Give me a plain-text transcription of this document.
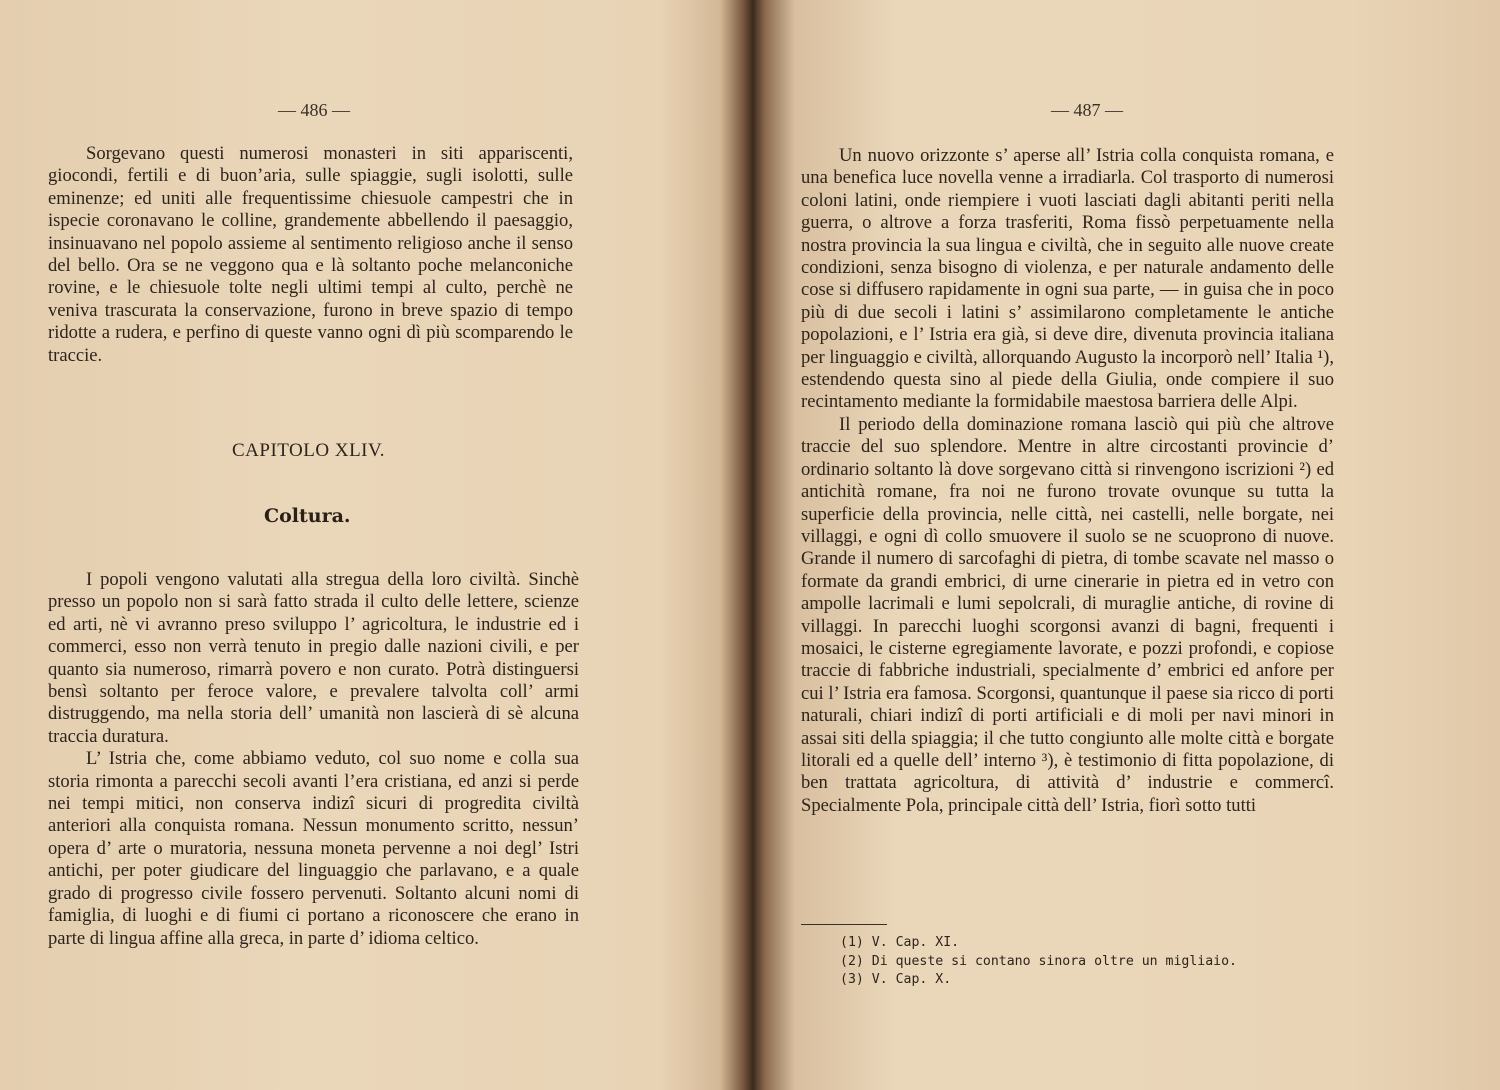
— 486 —

Sorgevano questi numerosi monasteri in siti appariscenti, giocondi, fertili e di buon’aria, sulle spiaggie, sugli isolotti, sulle eminenze; ed uniti alle frequentissime chiesuole campestri che in ispecie coronavano le colline, grandemente abbellendo il paesaggio, insinuavano nel popolo assieme al sentimento religioso anche il senso del bello. Ora se ne veggono qua e là soltanto poche melanconiche rovine, e le chiesuole tolte negli ultimi tempi al culto, perchè ne veniva trascurata la conservazione, furono in breve spazio di tempo ridotte a rudera, e perfino di queste vanno ogni dì più scomparendo le traccie.

CAPITOLO XLIV.
Coltura.

I popoli vengono valutati alla stregua della loro civiltà. Sinchè presso un popolo non si sarà fatto strada il culto delle lettere, scienze ed arti, nè vi avranno preso sviluppo l’ agricoltura, le industrie ed i commerci, esso non verrà tenuto in pregio dalle nazioni civili, e per quanto sia numeroso, rimarrà povero e non curato. Potrà distinguersi bensì soltanto per feroce valore, e prevalere talvolta coll’ armi distruggendo, ma nella storia dell’ umanità non lascierà di sè alcuna traccia duratura.

L’ Istria che, come abbiamo veduto, col suo nome e colla sua storia rimonta a parecchi secoli avanti l’era cristiana, ed anzi si perde nei tempi mitici, non conserva indizî sicuri di progredita civiltà anteriori alla conquista romana. Nessun monumento scritto, nessun’ opera d’ arte o muratoria, nessuna moneta pervenne a noi degl’ Istri antichi, per poter giudicare del linguaggio che parlavano, e a quale grado di progresso civile fossero pervenuti. Soltanto alcuni nomi di famiglia, di luoghi e di fiumi ci portano a riconoscere che erano in parte di lingua affine alla greca, in parte d’ idioma celtico.

— 487 —

Un nuovo orizzonte s’ aperse all’ Istria colla conquista romana, e una benefica luce novella venne a irradiarla. Col trasporto di numerosi coloni latini, onde riempiere i vuoti lasciati dagli abitanti periti nella guerra, o altrove a forza trasferiti, Roma fissò perpetuamente nella nostra provincia la sua lingua e civiltà, che in seguito alle nuove create condizioni, senza bisogno di violenza, e per naturale andamento delle cose si diffusero rapidamente in ogni sua parte, — in guisa che in poco più di due secoli i latini s’ assimilarono completamente le antiche popolazioni, e l’ Istria era già, si deve dire, divenuta provincia italiana per linguaggio e civiltà, allorquando Augusto la incorporò nell’ Italia ¹), estendendo questa sino al piede della Giulia, onde compiere il suo recintamento mediante la formidabile maestosa barriera delle Alpi.

Il periodo della dominazione romana lasciò qui più che altrove traccie del suo splendore. Mentre in altre circostanti provincie d’ ordinario soltanto là dove sorgevano città si rinvengono iscrizioni ²) ed antichità romane, fra noi ne furono trovate ovunque su tutta la superficie della provincia, nelle città, nei castelli, nelle borgate, nei villaggi, e ogni dì collo smuovere il suolo se ne scuoprono di nuove. Grande il numero di sarcofaghi di pietra, di tombe scavate nel masso o formate da grandi embrici, di urne cinerarie in pietra ed in vetro con ampolle lacrimali e lumi sepolcrali, di muraglie antiche, di rovine di villaggi. In parecchi luoghi scorgonsi avanzi di bagni, frequenti i mosaici, le cisterne egregiamente lavorate, e pozzi profondi, e copiose traccie di fabbriche industriali, specialmente d’ embrici ed anfore per cui l’ Istria era famosa. Scorgonsi, quantunque il paese sia ricco di porti naturali, chiari indizî di porti artificiali e di moli per navi minori in assai siti della spiaggia; il che tutto congiunto alle molte città e borgate litorali ed a quelle dell’ interno ³), è testimonio di fitta popolazione, di ben trattata agricoltura, di attività d’ industrie e commercî. Specialmente Pola, principale città dell’ Istria, fiorì sotto tutti

(1) V. Cap. XI.
(2) Di queste si contano sinora oltre un migliaio.
(3) V. Cap. X.
